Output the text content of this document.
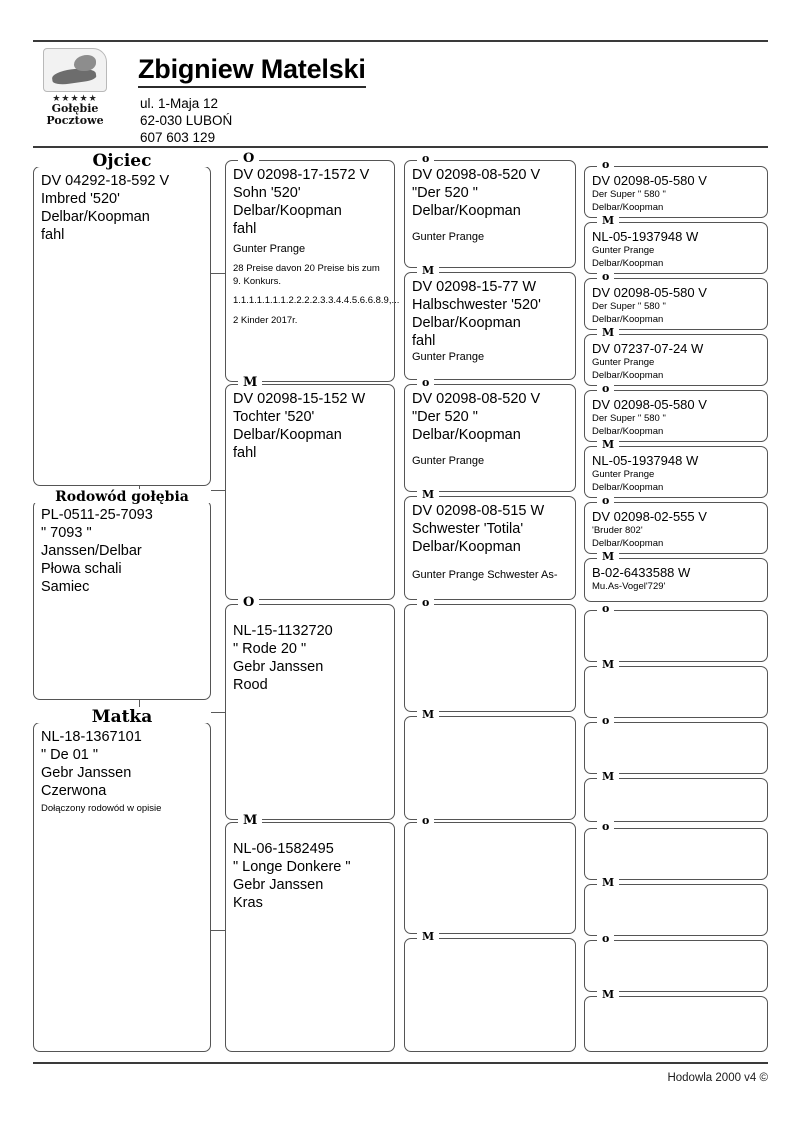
★★★★★
Gołębie
Pocztowe
Zbigniew Matelski
ul. 1-Maja 12
62-030 LUBOŃ
607 603 129
Ojciec
DV 04292-18-592 V
Imbred '520'
Delbar/Koopman
fahl
Rodowód gołębia
PL-0511-25-7093
" 7093 "
Janssen/Delbar
Płowa schali
Samiec
Matka
NL-18-1367101
" De 01 "
Gebr Janssen
Czerwona
Dołączony rodowód w opisie
O
DV 02098-17-1572 V
Sohn '520'
Delbar/Koopman
fahl
Gunter Prange
28 Preise davon 20 Preise bis zum 9. Konkurs.
1.1.1.1.1.1.1.2.2.2.2.3.3.4.4.5.6.6.8.9,...
2 Kinder 2017r.
M
DV 02098-15-152 W
Tochter '520'
Delbar/Koopman
fahl
O
NL-15-1132720
" Rode 20 "
Gebr Janssen
Rood
M
NL-06-1582495
" Longe Donkere "
Gebr Janssen
Kras
o
DV 02098-08-520 V
"Der 520 "
Delbar/Koopman
Gunter Prange
M
DV 02098-15-77 W
Halbschwester '520'
Delbar/Koopman
fahl
Gunter Prange
o
DV 02098-08-520 V
"Der 520 "
Delbar/Koopman
Gunter Prange
M
DV 02098-08-515 W
Schwester 'Totila'
Delbar/Koopman
Gunter Prange Schwester As-
o
M
o
M
o
DV 02098-05-580 V
Der Super " 580 "
Delbar/Koopman
M
NL-05-1937948 W
Gunter Prange
Delbar/Koopman
o
DV 02098-05-580 V
Der Super " 580 "
Delbar/Koopman
M
DV 07237-07-24 W
Gunter Prange
Delbar/Koopman
o
DV 02098-05-580 V
Der Super " 580 "
Delbar/Koopman
M
NL-05-1937948 W
Gunter Prange
Delbar/Koopman
o
DV 02098-02-555 V
'Bruder 802'
Delbar/Koopman
M
B-02-6433588 W
Mu.As-Vogel'729'
o
M
o
M
o
M
o
M
Hodowla 2000 v4 ©
